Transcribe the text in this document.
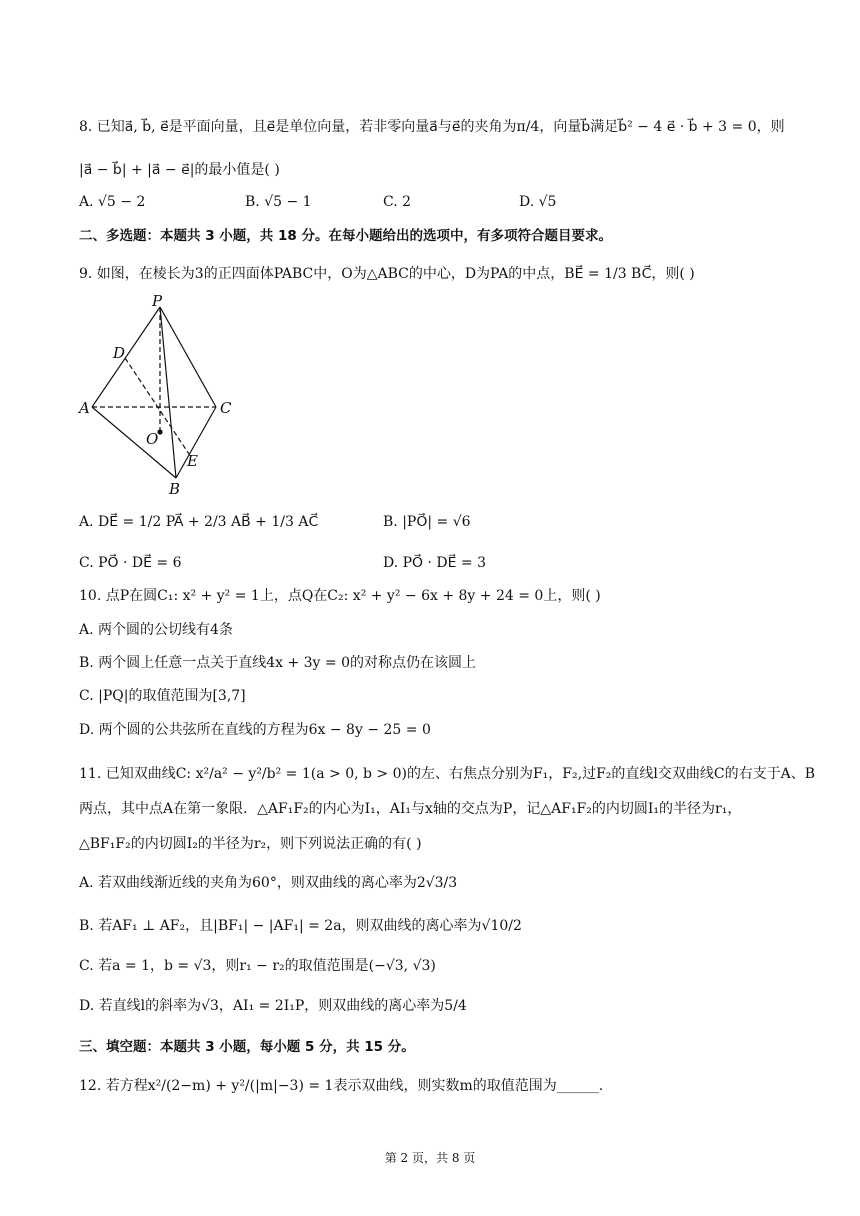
8. 已知a⃗, b⃗, e⃗是平面向量，且e⃗是单位向量，若非零向量a⃗与e⃗的夹角为π/4，向量b⃗满足b⃗² − 4 e⃗ · b⃗ + 3 = 0，则
|a⃗ − b⃗| + |a⃗ − e⃗|的最小值是( )
A. √5 − 2	B. √5 − 1	C. 2	D. √5
二、多选题：本题共 3 小题，共 18 分。在每小题给出的选项中，有多项符合题目要求。
9. 如图，在棱长为3的正四面体PABC中，O为△ABC的中心，D为PA的中点，BE⃗ = 1/3 BC⃗，则( )
P
D
A	C
O
E
B
A. DE⃗ = 1/2 PA⃗ + 2/3 AB⃗ + 1/3 AC⃗	B. |PO⃗| = √6
C. PO⃗ · DE⃗ = 6	D. PO⃗ · DE⃗ = 3
10. 点P在圆C₁: x² + y² = 1上，点Q在C₂: x² + y² − 6x + 8y + 24 = 0上，则( )
A. 两个圆的公切线有4条
B. 两个圆上任意一点关于直线4x + 3y = 0的对称点仍在该圆上
C. |PQ|的取值范围为[3,7]
D. 两个圆的公共弦所在直线的方程为6x − 8y − 25 = 0
11. 已知双曲线C: x²/a² − y²/b² = 1(a > 0, b > 0)的左、右焦点分别为F₁，F₂,过F₂的直线l交双曲线C的右支于A、B
两点，其中点A在第一象限．△AF₁F₂的内心为I₁，AI₁与x轴的交点为P，记△AF₁F₂的内切圆I₁的半径为r₁，
△BF₁F₂的内切圆I₂的半径为r₂，则下列说法正确的有( )
A. 若双曲线渐近线的夹角为60°，则双曲线的离心率为2√3/3
B. 若AF₁ ⊥ AF₂，且|BF₁| − |AF₁| = 2a，则双曲线的离心率为√10/2
C. 若a = 1，b = √3，则r₁ − r₂的取值范围是(−√3, √3)
D. 若直线l的斜率为√3，AI₁ = 2I₁P，则双曲线的离心率为5/4
三、填空题：本题共 3 小题，每小题 5 分，共 15 分。
12. 若方程x²/(2−m) + y²/(|m|−3) = 1表示双曲线，则实数m的取值范围为______.
第 2 页，共 8 页
